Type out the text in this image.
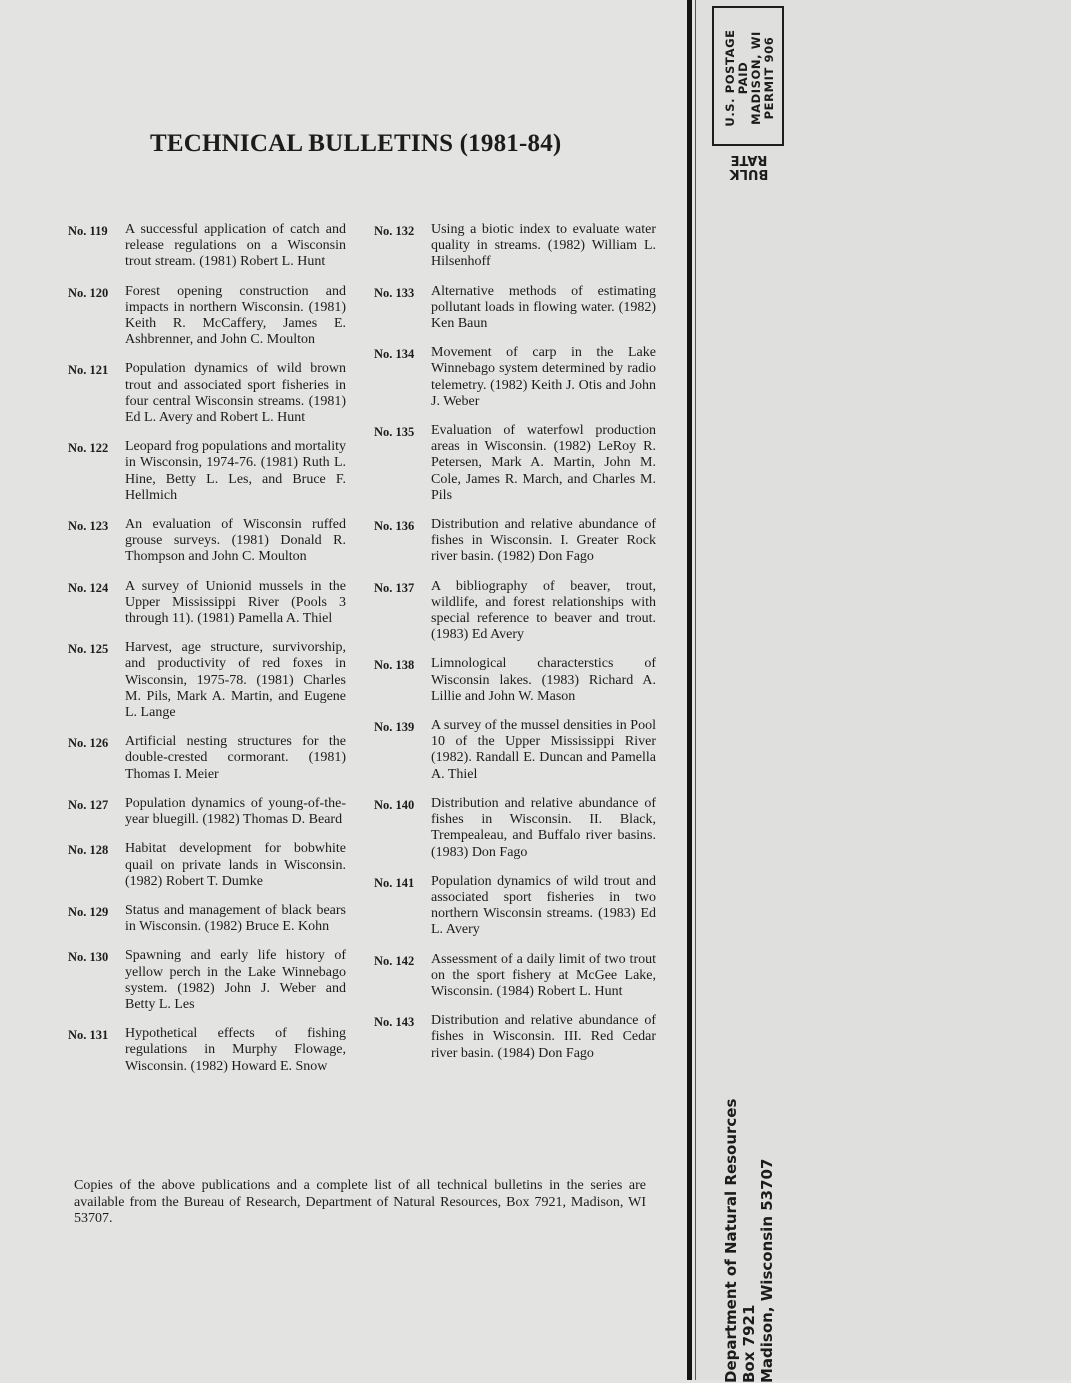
TECHNICAL BULLETINS (1981-84)
No. 119	A successful application of catch and release regulations on a Wisconsin trout stream. (1981) Robert L. Hunt
No. 120	Forest opening construction and impacts in northern Wisconsin. (1981) Keith R. McCaffery, James E. Ashbrenner, and John C. Moulton
No. 121	Population dynamics of wild brown trout and associated sport fisheries in four central Wisconsin streams. (1981) Ed L. Avery and Robert L. Hunt
No. 122	Leopard frog populations and mortality in Wisconsin, 1974-76. (1981) Ruth L. Hine, Betty L. Les, and Bruce F. Hellmich
No. 123	An evaluation of Wisconsin ruffed grouse surveys. (1981) Donald R. Thompson and John C. Moulton
No. 124	A survey of Unionid mussels in the Upper Mississippi River (Pools 3 through 11). (1981) Pamella A. Thiel
No. 125	Harvest, age structure, survivorship, and productivity of red foxes in Wisconsin, 1975-78. (1981) Charles M. Pils, Mark A. Martin, and Eugene L. Lange
No. 126	Artificial nesting structures for the double-crested cormorant. (1981) Thomas I. Meier
No. 127	Population dynamics of young-of-the-year bluegill. (1982) Thomas D. Beard
No. 128	Habitat development for bobwhite quail on private lands in Wisconsin. (1982) Robert T. Dumke
No. 129	Status and management of black bears in Wisconsin. (1982) Bruce E. Kohn
No. 130	Spawning and early life history of yellow perch in the Lake Winnebago system. (1982) John J. Weber and Betty L. Les
No. 131	Hypothetical effects of fishing regulations in Murphy Flowage, Wisconsin. (1982) Howard E. Snow
No. 132	Using a biotic index to evaluate water quality in streams. (1982) William L. Hilsenhoff
No. 133	Alternative methods of estimating pollutant loads in flowing water. (1982) Ken Baun
No. 134	Movement of carp in the Lake Winnebago system determined by radio telemetry. (1982) Keith J. Otis and John J. Weber
No. 135	Evaluation of waterfowl production areas in Wisconsin. (1982) LeRoy R. Petersen, Mark A. Martin, John M. Cole, James R. March, and Charles M. Pils
No. 136	Distribution and relative abundance of fishes in Wisconsin. I. Greater Rock river basin. (1982) Don Fago
No. 137	A bibliography of beaver, trout, wildlife, and forest relationships with special reference to beaver and trout. (1983) Ed Avery
No. 138	Limnological characterstics of Wisconsin lakes. (1983) Richard A. Lillie and John W. Mason
No. 139	A survey of the mussel densities in Pool 10 of the Upper Mississippi River (1982). Randall E. Duncan and Pamella A. Thiel
No. 140	Distribution and relative abundance of fishes in Wisconsin. II. Black, Trempealeau, and Buffalo river basins. (1983) Don Fago
No. 141	Population dynamics of wild trout and associated sport fisheries in two northern Wisconsin streams. (1983) Ed L. Avery
No. 142	Assessment of a daily limit of two trout on the sport fishery at McGee Lake, Wisconsin. (1984) Robert L. Hunt
No. 143	Distribution and relative abundance of fishes in Wisconsin. III. Red Cedar river basin. (1984) Don Fago
Copies of the above publications and a complete list of all technical bulletins in the series are available from the Bureau of Research, Department of Natural Resources, Box 7921, Madison, WI 53707.
U.S. POSTAGE PAID MADISON, WI PERMIT 906
BULK
RATE
Department of Natural Resources Box 7921 Madison, Wisconsin 53707
